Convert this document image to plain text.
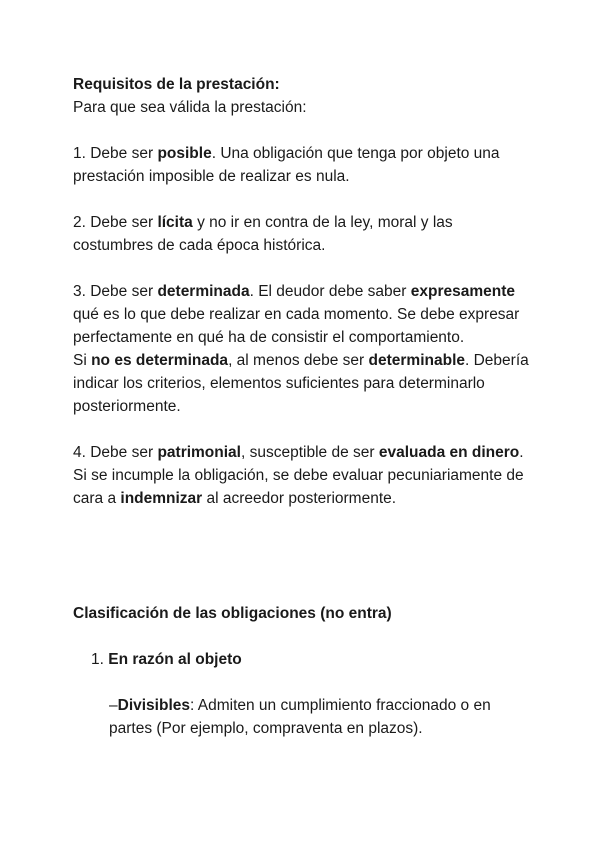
Requisitos de la prestación:

Para que sea válida la prestación:

1. Debe ser posible. Una obligación que tenga por objeto una prestación imposible de realizar es nula.

2. Debe ser lícita y no ir en contra de la ley, moral y las costumbres de cada época histórica.

3. Debe ser determinada. El deudor debe saber expresamente qué es lo que debe realizar en cada momento. Se debe expresar perfectamente en qué ha de consistir el comportamiento.

Si no es determinada, al menos debe ser determinable. Debería indicar los criterios, elementos suficientes para determinarlo posteriormente.

4. Debe ser patrimonial, susceptible de ser evaluada en dinero. Si se incumple la obligación, se debe evaluar pecuniariamente de cara a indemnizar al acreedor posteriormente.

Clasificación de las obligaciones (no entra)

1. En razón al objeto

–Divisibles: Admiten un cumplimiento fraccionado o en partes (Por ejemplo, compraventa en plazos).
